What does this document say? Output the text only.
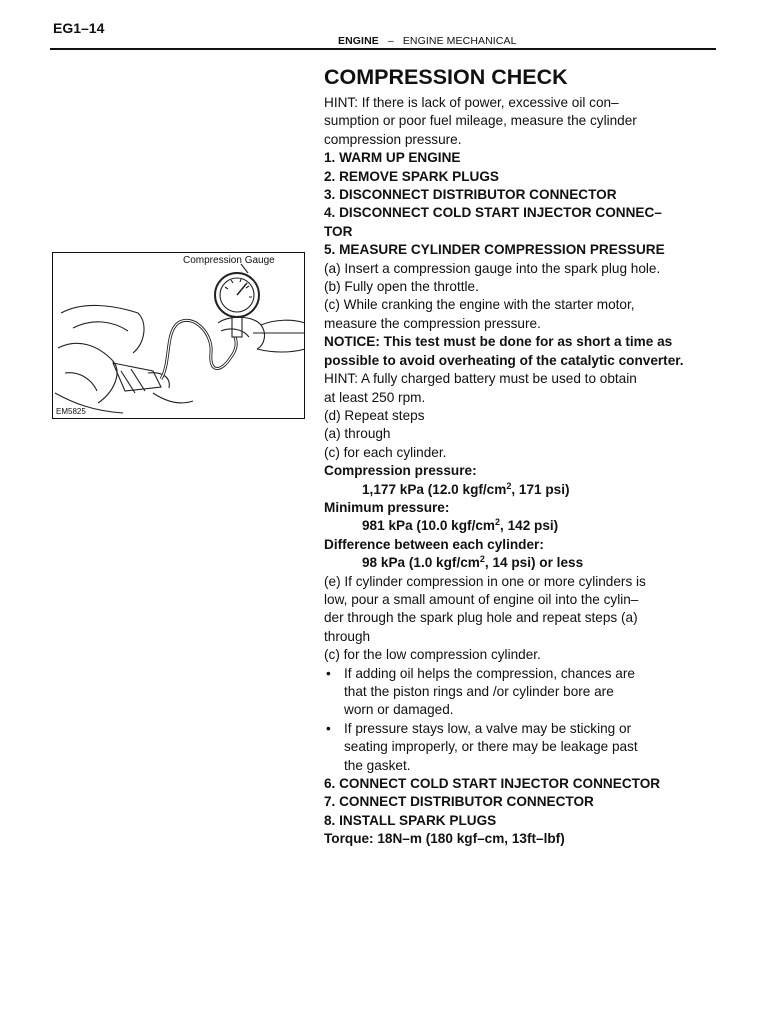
EG1–14
ENGINE – ENGINE MECHANICAL
Compression Gauge
EM5825
COMPRESSION CHECK

HINT: If there is lack of power, excessive oil con–

sumption or poor fuel mileage, measure the cylinder

compression pressure.

1. WARM UP ENGINE

2. REMOVE SPARK PLUGS

3. DISCONNECT DISTRIBUTOR CONNECTOR

4. DISCONNECT COLD START INJECTOR CONNEC–

TOR

5. MEASURE CYLINDER COMPRESSION PRESSURE

(a) Insert a compression gauge into the spark plug hole.

(b) Fully open the throttle.

(c) While cranking the engine with the starter motor,

measure the compression pressure.

NOTICE: This test must be done for as short a time as

possible to avoid overheating of the catalytic converter.

HINT: A fully charged battery must be used to obtain

at least 250 rpm.

(d) Repeat steps

(a) through

(c) for each cylinder.

Compression pressure:

1,177 kPa (12.0 kgf/$cm^2$, 171 psi)

Minimum pressure:

981 kPa (10.0 kgf/$cm^2$, 142 psi)

Difference between each cylinder:

98 kPa (1.0 kgf/$cm^2$, 14 psi) or less

(e) If cylinder compression in one or more cylinders is

low, pour a small amount of engine oil into the cylin–

der through the spark plug hole and repeat steps (a)

through

(c) for the low compression cylinder.

• If adding oil helps the compression, chances are

that the piston rings and /or cylinder bore are

worn or damaged.

• If pressure stays low, a valve may be sticking or

seating improperly, or there may be leakage past

the gasket.

6. CONNECT COLD START INJECTOR CONNECTOR

7. CONNECT DISTRIBUTOR CONNECTOR

8. INSTALL SPARK PLUGS

Torque: 18N–m (180 kgf–cm, 13ft–lbf)
